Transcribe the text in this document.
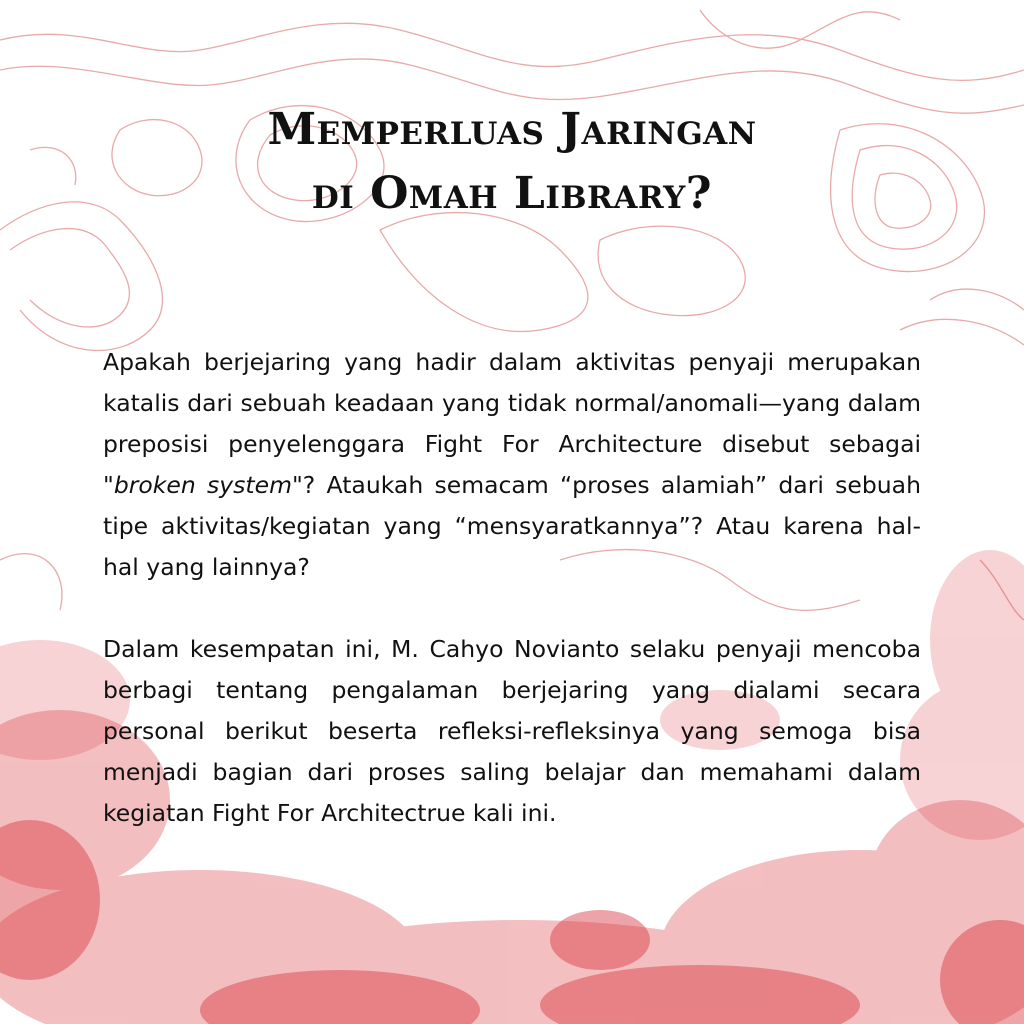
Memperluas Jaringan
di Omah Library?

Apakah berjejaring yang hadir dalam aktivitas penyaji merupakan katalis dari sebuah keadaan yang tidak normal/anomali—yang dalam preposisi penyelenggara Fight For Architecture disebut sebagai "broken system"? Ataukah semacam “proses alamiah” dari sebuah tipe aktivitas/kegiatan yang “mensyaratkannya”? Atau karena hal-hal yang lainnya?

Dalam kesempatan ini, M. Cahyo Novianto selaku penyaji mencoba berbagi tentang pengalaman berjejaring yang dialami secara personal berikut beserta refleksi-refleksinya yang semoga bisa menjadi bagian dari proses saling belajar dan memahami dalam kegiatan Fight For Architectrue kali ini.
